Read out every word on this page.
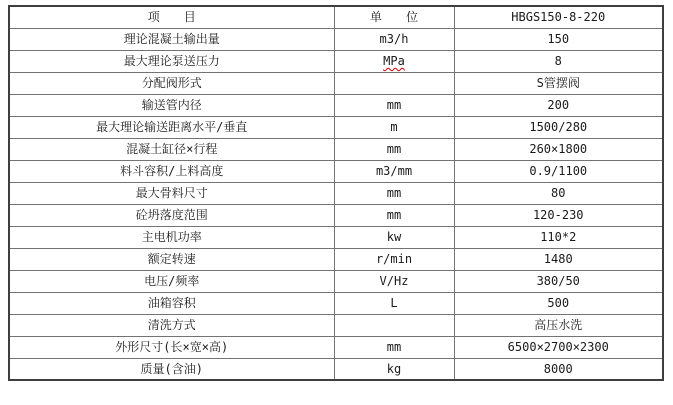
项　　目	单　　位	HBGS150-8-220
理论混凝土输出量	m3/h	150
最大理论泵送压力	MPa	8
分配阀形式		S管摆阀
输送管内径	mm	200
最大理论输送距离水平/垂直	m	1500/280
混凝土缸径×行程	mm	260×1800
料斗容积/上料高度	m3/mm	0.9/1100
最大骨料尺寸	mm	80
砼坍落度范围	mm	120-230
主电机功率	kw	110*2
额定转速	r/min	1480
电压/频率	V/Hz	380/50
油箱容积	L	500
清洗方式		高压水洗
外形尺寸(长×宽×高)	mm	6500×2700×2300
质量(含油)	kg	8000
